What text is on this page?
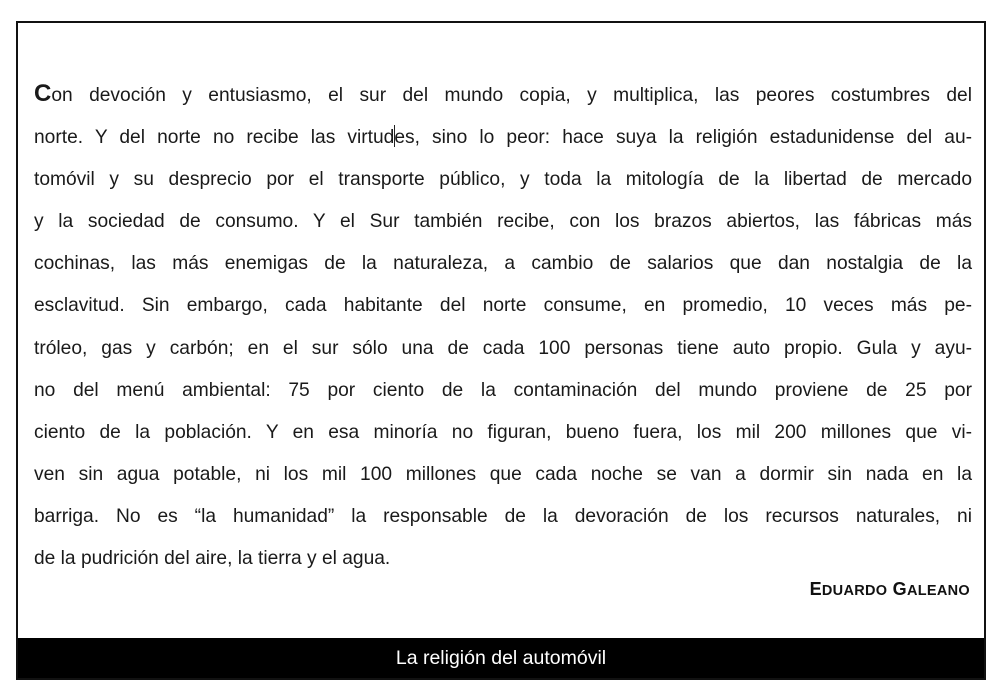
Con devoción y entusiasmo, el sur del mundo copia, y multiplica, las peores costumbres del
norte. Y del norte no recibe las virtudes, sino lo peor: hace suya la religión estadunidense del au-
tomóvil y su desprecio por el transporte público, y toda la mitología de la libertad de mercado
y la sociedad de consumo. Y el Sur también recibe, con los brazos abiertos, las fábricas más
cochinas, las más enemigas de la naturaleza, a cambio de salarios que dan nostalgia de la
esclavitud. Sin embargo, cada habitante del norte consume, en promedio, 10 veces más pe-
tróleo, gas y carbón; en el sur sólo una de cada 100 personas tiene auto propio. Gula y ayu-
no del menú ambiental: 75 por ciento de la contaminación del mundo proviene de 25 por
ciento de la población. Y en esa minoría no figuran, bueno fuera, los mil 200 millones que vi-
ven sin agua potable, ni los mil 100 millones que cada noche se van a dormir sin nada en la
barriga. No es “la humanidad” la responsable de la devoración de los recursos naturales, ni
de la pudrición del aire, la tierra y el agua.
EDUARDO GALEANO
La religión del automóvil
